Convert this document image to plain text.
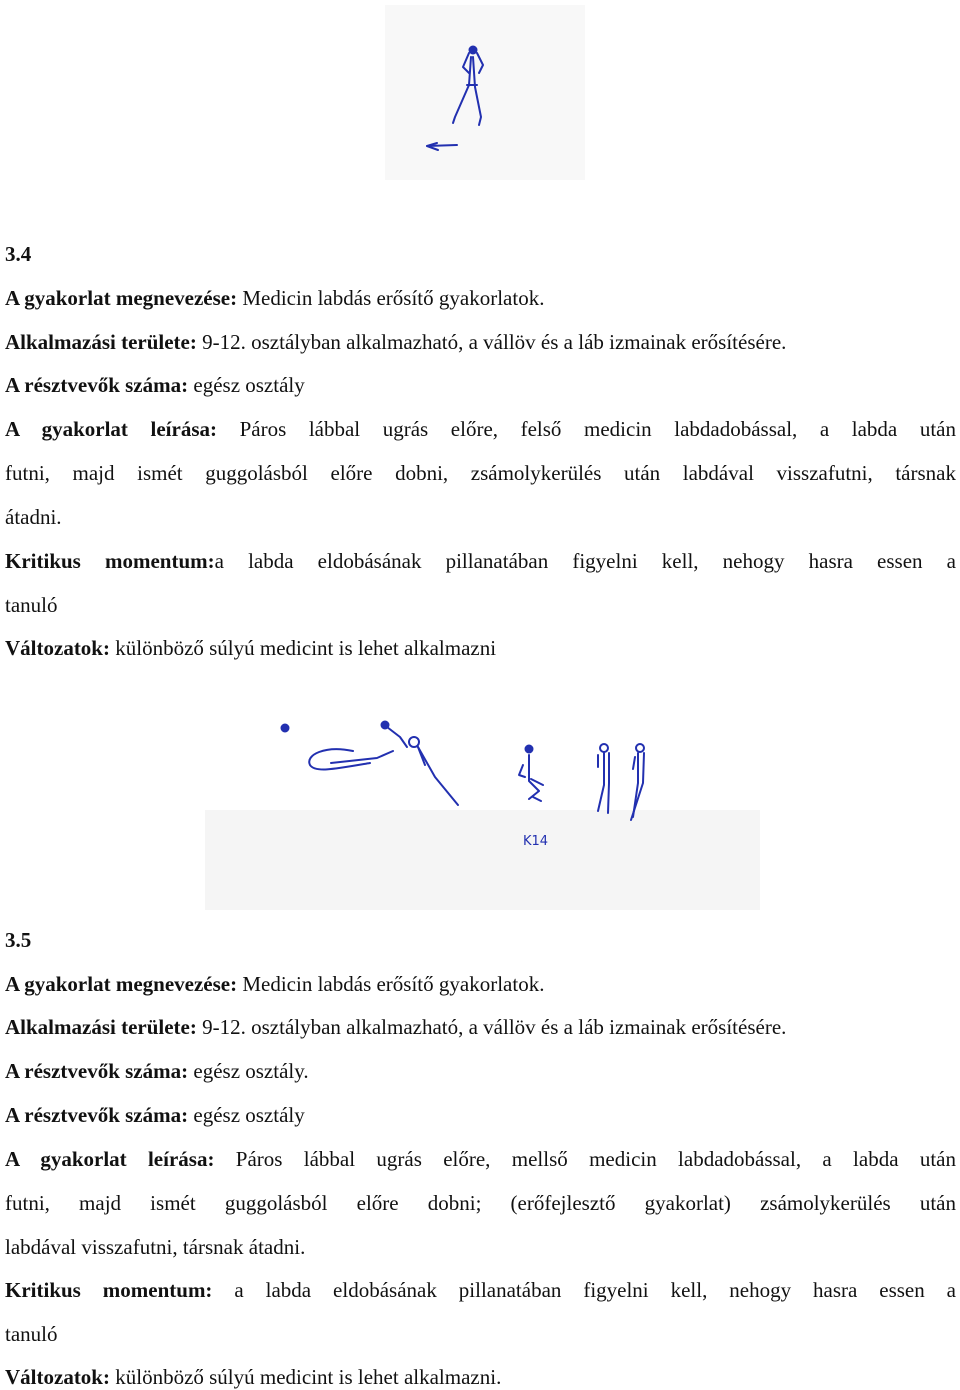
3.4
A gyakorlat megnevezése: Medicin labdás erősítő gyakorlatok.
Alkalmazási területe: 9-12. osztályban alkalmazható, a vállöv és a láb izmainak erősítésére.
A résztvevők száma: egész osztály
A gyakorlat leírása: Páros lábbal ugrás előre, felső medicin labdadobással, a labda után
futni, majd ismét guggolásból előre dobni, zsámolykerülés után labdával visszafutni, társnak
átadni.
Kritikus momentum:a labda eldobásának pillanatában figyelni kell, nehogy hasra essen a
tanuló
Változatok: különböző súlyú medicint is lehet alkalmazni
K14
3.5
A gyakorlat megnevezése: Medicin labdás erősítő gyakorlatok.
Alkalmazási területe: 9-12. osztályban alkalmazható, a vállöv és a láb izmainak erősítésére.
A résztvevők száma: egész osztály.
A résztvevők száma: egész osztály
A gyakorlat leírása: Páros lábbal ugrás előre, mellső medicin labdadobással, a labda után
futni, majd ismét guggolásból előre dobni; (erőfejlesztő gyakorlat) zsámolykerülés után
labdával visszafutni, társnak átadni.
Kritikus momentum: a labda eldobásának pillanatában figyelni kell, nehogy hasra essen a
tanuló
Változatok: különböző súlyú medicint is lehet alkalmazni.
